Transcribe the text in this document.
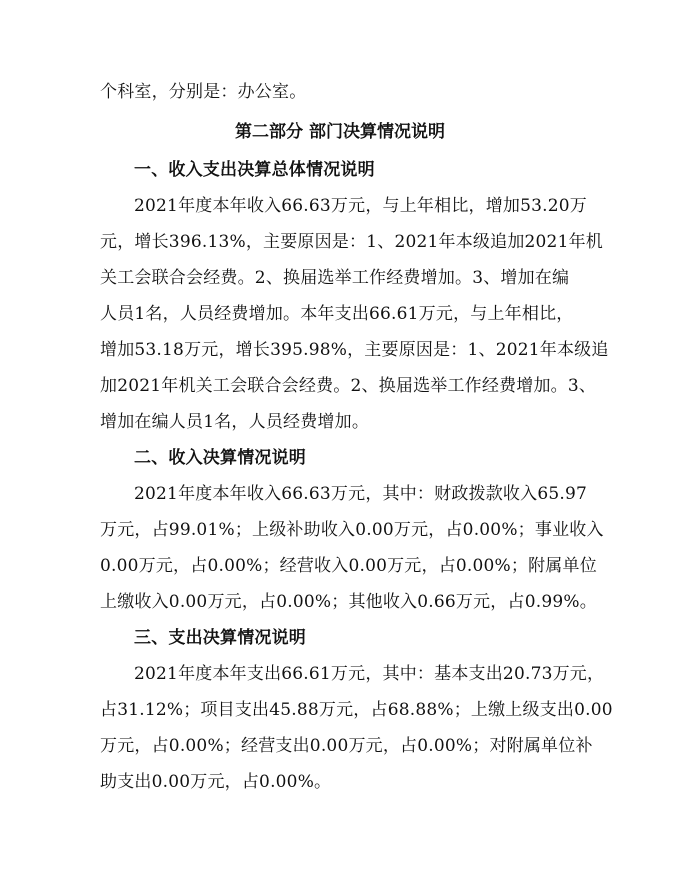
个科室，分别是：办公室。
第二部分 部门决算情况说明
一、收入支出决算总体情况说明
2021年度本年收入66.63万元，与上年相比，增加53.20万
元，增长396.13%，主要原因是：1、2021年本级追加2021年机
关工会联合会经费。2、换届选举工作经费增加。3、增加在编
人员1名，人员经费增加。本年支出66.61万元，与上年相比，
增加53.18万元，增长395.98%，主要原因是：1、2021年本级追
加2021年机关工会联合会经费。2、换届选举工作经费增加。3、
增加在编人员1名，人员经费增加。
二、收入决算情况说明
2021年度本年收入66.63万元，其中：财政拨款收入65.97
万元，占99.01%；上级补助收入0.00万元，占0.00%；事业收入
0.00万元，占0.00%；经营收入0.00万元，占0.00%；附属单位
上缴收入0.00万元，占0.00%；其他收入0.66万元，占0.99%。
三、支出决算情况说明
2021年度本年支出66.61万元，其中：基本支出20.73万元，
占31.12%；项目支出45.88万元，占68.88%；上缴上级支出0.00
万元，占0.00%；经营支出0.00万元，占0.00%；对附属单位补
助支出0.00万元，占0.00%。
